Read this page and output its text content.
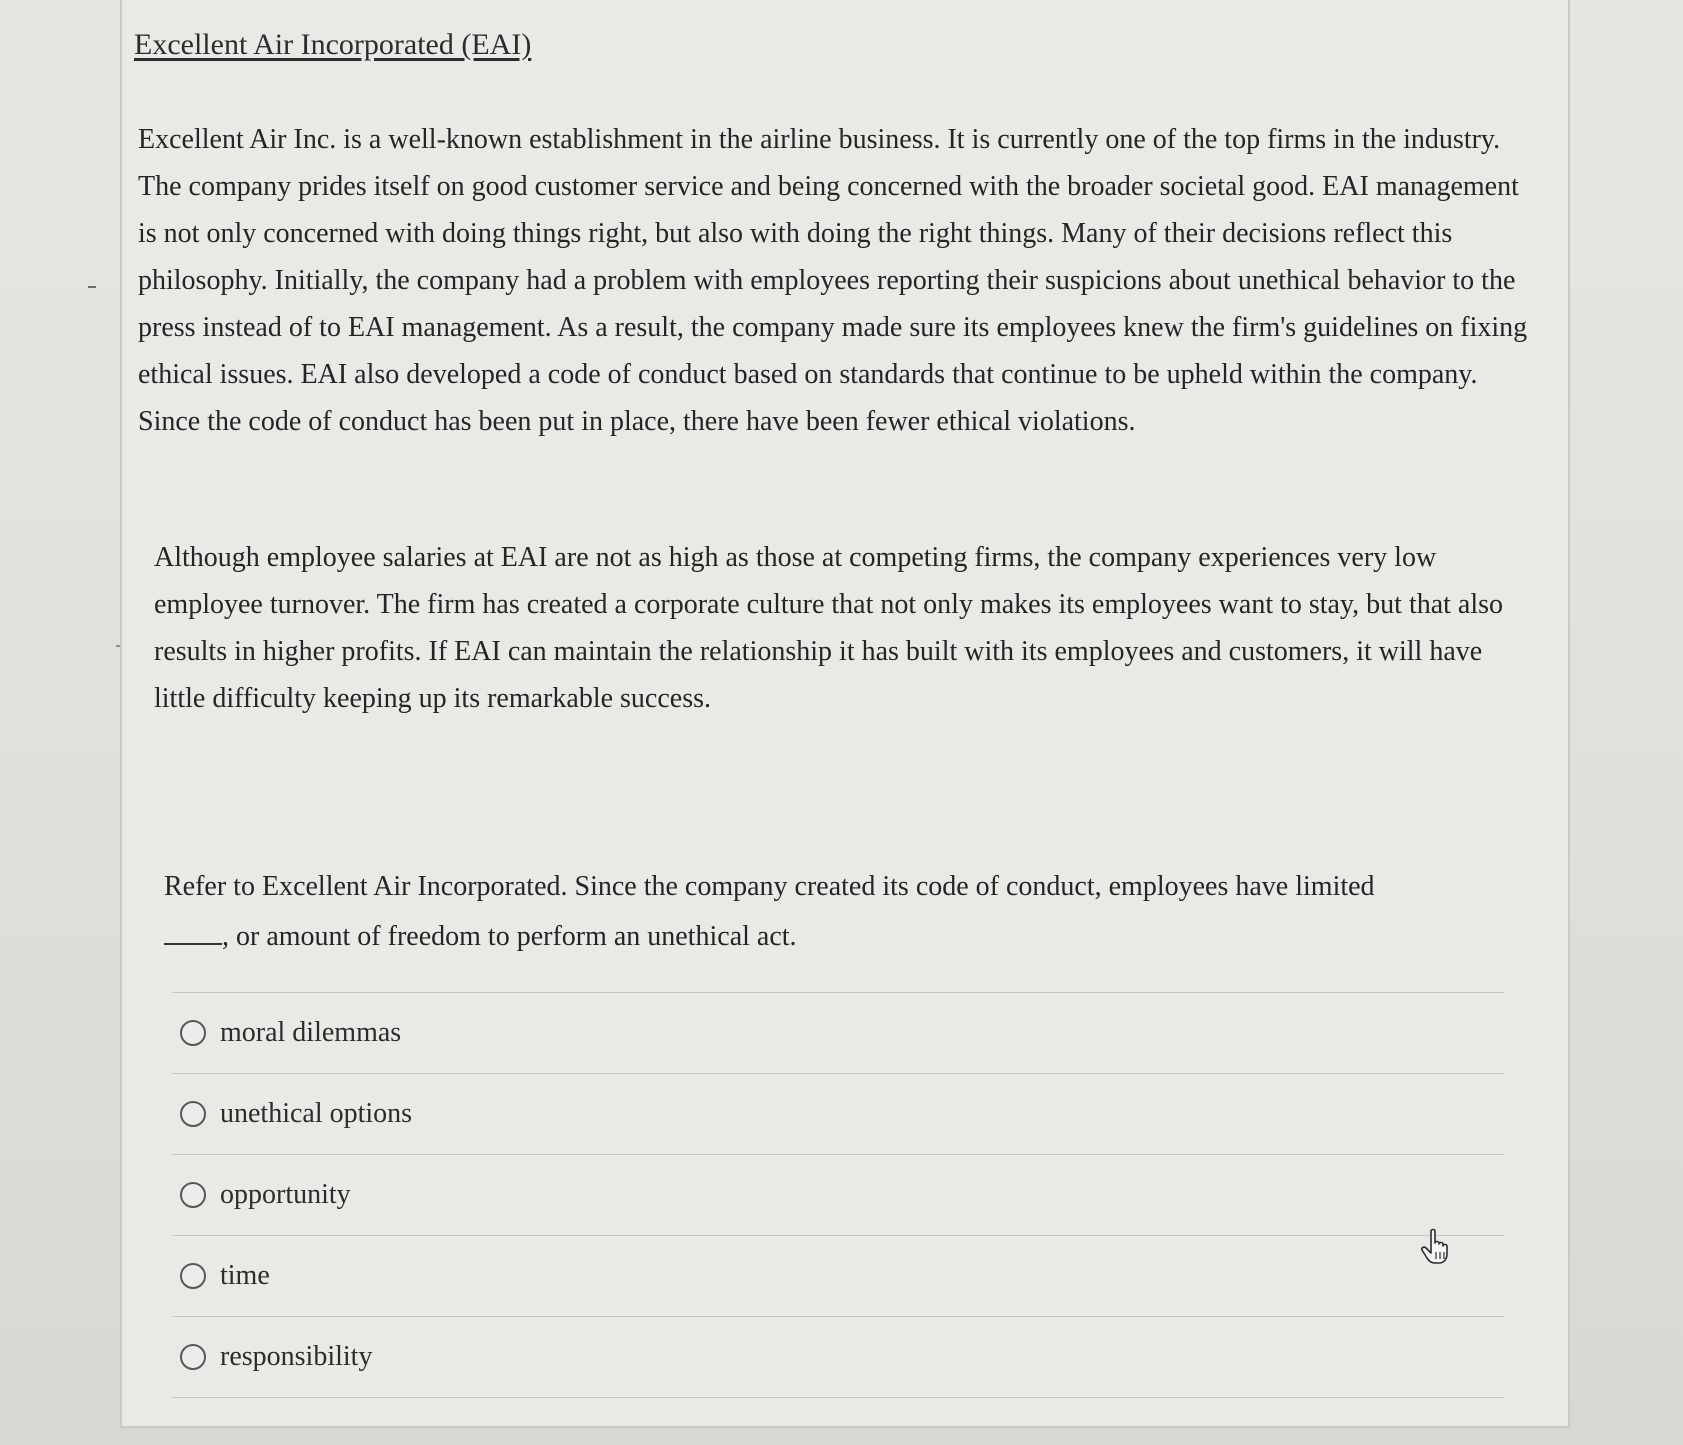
Excellent Air Incorporated (EAI)

Excellent Air Inc. is a well-known establishment in the airline business. It is currently one of the top firms in the industry. The company prides itself on good customer service and being concerned with the broader societal good. EAI management is not only concerned with doing things right, but also with doing the right things. Many of their decisions reflect this philosophy. Initially, the company had a problem with employees reporting their suspicions about unethical behavior to the press instead of to EAI management. As a result, the company made sure its employees knew the firm's guidelines on fixing ethical issues. EAI also developed a code of conduct based on standards that continue to be upheld within the company. Since the code of conduct has been put in place, there have been fewer ethical violations.

Although employee salaries at EAI are not as high as those at competing firms, the company experiences very low employee turnover. The firm has created a corporate culture that not only makes its employees want to stay, but that also results in higher profits. If EAI can maintain the relationship it has built with its employees and customers, it will have little difficulty keeping up its remarkable success.

Refer to Excellent Air Incorporated. Since the company created its code of conduct, employees have limited
, or amount of freedom to perform an unethical act.

moral dilemmas
unethical options
opportunity
time
responsibility
